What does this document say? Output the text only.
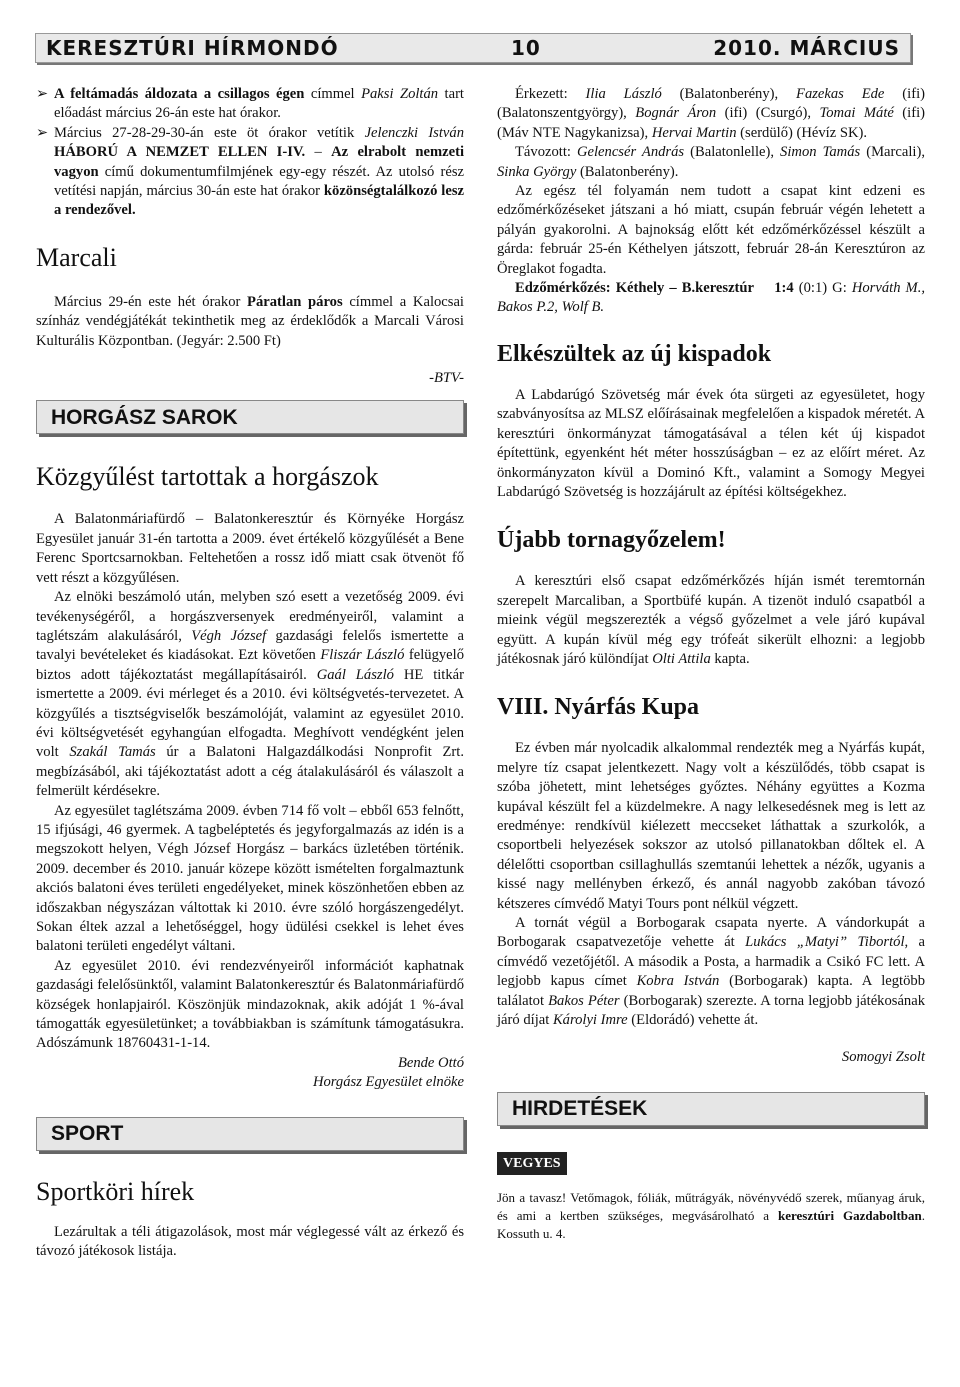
KERESZTÚRI HÍRMONDÓ	10	2010. MÁRCIUS

➢ A feltámadás áldozata a csillagos égen címmel Paksi Zoltán tart előadást március 26-án este hat órakor.

➢ Március 27-28-29-30-án este öt órakor vetítik Jelenczki István HÁBORÚ A NEMZET ELLEN I-IV. – Az elrabolt nemzeti vagyon című dokumentumfilmjének egy-egy részét. Az utolsó rész vetítési napján, március 30-án este hat órakor közönségtalálkozó lesz a rendezővel.

Marcali

Március 29-én este hét órakor Páratlan páros címmel a Kalocsai színház vendégjátékát tekinthetik meg az érdeklődők a Marcali Városi Kulturális Központban. (Jegyár: 2.500 Ft)

-BTV-

HORGÁSZ SAROK
Közgyűlést tartottak a horgászok

A Balatonmáriafürdő – Balatonkeresztúr és Környéke Horgász Egyesület január 31-én tartotta a 2009. évet értékelő közgyűlését a Bene Ferenc Sportcsarnokban. Feltehetően a rossz idő miatt csak ötvenöt fő vett részt a közgyűlésen.

Az elnöki beszámoló után, melyben szó esett a vezetőség 2009. évi tevékenységéről, a horgászversenyek eredményeiről, valamint a taglétszám alakulásáról, Végh József gazdasági felelős ismertette a tavalyi bevételeket és kiadásokat. Ezt követően Fliszár László felügyelő biztos adott tájékoztatást megállapításairól. Gaál László HE titkár ismertette a 2009. évi mérleget és a 2010. évi költségvetés-tervezetet. A közgyűlés a tisztségviselők beszámolóját, valamint az egyesület 2010. évi költségvetését egyhangúan elfogadta. Meghívott vendégként jelen volt Szakál Tamás úr a Balatoni Halgazdálkodási Nonprofit Zrt. megbízásából, aki tájékoztatást adott a cég átalakulásáról és válaszolt a felmerült kérdésekre.

Az egyesület taglétszáma 2009. évben 714 fő volt – ebből 653 felnőtt, 15 ifjúsági, 46 gyermek. A tagbeléptetés és jegyforgalmazás az idén is a megszokott helyen, Végh József Horgász – barkács üzletében történik. 2009. december és 2010. január közepe között ismételten forgalmaztunk akciós balatoni éves területi engedélyeket, minek köszönhetően ebben az időszakban négyszázan váltottak ki 2010. évre szóló horgászengedélyt. Sokan éltek azzal a lehetőséggel, hogy üdülési csekkel is lehet éves balatoni területi engedélyt váltani.

Az egyesület 2010. évi rendezvényeiről információt kaphatnak gazdasági felelősünktől, valamint Balatonkeresztúr és Balatonmáriafürdő községek honlapjairól. Köszönjük mindazoknak, akik adóját 1 %-ával támogatták egyesületünket; a továbbiakban is számítunk támogatásukra. Adószámunk 18760431-1-14.

Bende Ottó

Horgász Egyesület elnöke

SPORT
Sportköri hírek

Lezárultak a téli átigazolások, most már véglegessé vált az érkező és távozó játékosok listája.

Érkezett: Ilia László (Balatonberény), Fazekas Ede (ifi) (Balatonszentgyörgy), Bognár Áron (ifi) (Csurgó), Tomai Máté (ifi) (Máv NTE Nagykanizsa), Hervai Martin (serdülő) (Hévíz SK).

Távozott: Gelencsér András (Balatonlelle), Simon Tamás (Marcali), Sinka György (Balatonberény).

Az egész tél folyamán nem tudott a csapat kint edzeni es edzőmérkőzéseket játszani a hó miatt, csupán február végén lehetett a pályán gyakorolni. A bajnokság előtt két edzőmérkőzéssel készült a gárda: február 25-én Kéthelyen játszott, február 28-án Keresztúron az Öreglakot fogadta.

Edzőmérkőzés: Kéthely – B.keresztúr 1:4 (0:1) G: Horváth M., Bakos P.2, Wolf B.

Elkészültek az új kispadok

A Labdarúgó Szövetség már évek óta sürgeti az egyesületet, hogy szabványosítsa az MLSZ előírásainak megfelelően a kispadok méretét. A keresztúri önkormányzat támogatásával a télen két új kispadot építettünk, egyenként hét méter hosszúságban – ez az előírt méret. Az önkormányzaton kívül a Dominó Kft., valamint a Somogy Megyei Labdarúgó Szövetség is hozzájárult az építési költségekhez.

Újabb tornagyőzelem!

A keresztúri első csapat edzőmérkőzés híján ismét teremtornán szerepelt Marcaliban, a Sportbüfé kupán. A tizenöt induló csapatból a mieink végül megszerezték a végső győzelmet a vele járó kupával együtt. A kupán kívül még egy trófeát sikerült elhozni: a legjobb játékosnak járó különdíjat Olti Attila kapta.

VIII. Nyárfás Kupa

Ez évben már nyolcadik alkalommal rendezték meg a Nyárfás kupát, melyre tíz csapat jelentkezett. Nagy volt a készülődés, több csapat is szóba jöhetett, mint lehetséges győztes. Néhány együttes a Kozma kupával készült fel a küzdelmekre. A nagy lelkesedésnek meg is lett az eredménye: rendkívül kiélezett meccseket láthattak a szurkolók, a csoportbeli helyezések sokszor az utolsó pillanatokban dőltek el. A délelőtti csoportban csillaghullás szemtanúi lehettek a nézők, ugyanis a kissé nagy mellényben érkező, és annál nagyobb zakóban távozó kétszeres címvédő Matyi Tours pont nélkül végzett.

A tornát végül a Borbogarak csapata nyerte. A vándorkupát a Borbogarak csapatvezetője vehette át Lukács „Matyi” Tibortól, a címvédő vezetőjétől. A második a Posta, a harmadik a Csikó FC lett. A legjobb kapus címet Kobra István (Borbogarak) kapta. A legtöbb találatot Bakos Péter (Borbogarak) szerezte. A torna legjobb játékosának járó díjat Károlyi Imre (Eldorádó) vehette át.

Somogyi Zsolt

HIRDETÉSEK
VEGYES

Jön a tavasz! Vetőmagok, fóliák, műtrágyák, növényvédő szerek, műanyag áruk, és ami a kertben szükséges, megvásárolható a keresztúri Gazdaboltban. Kossuth u. 4.
